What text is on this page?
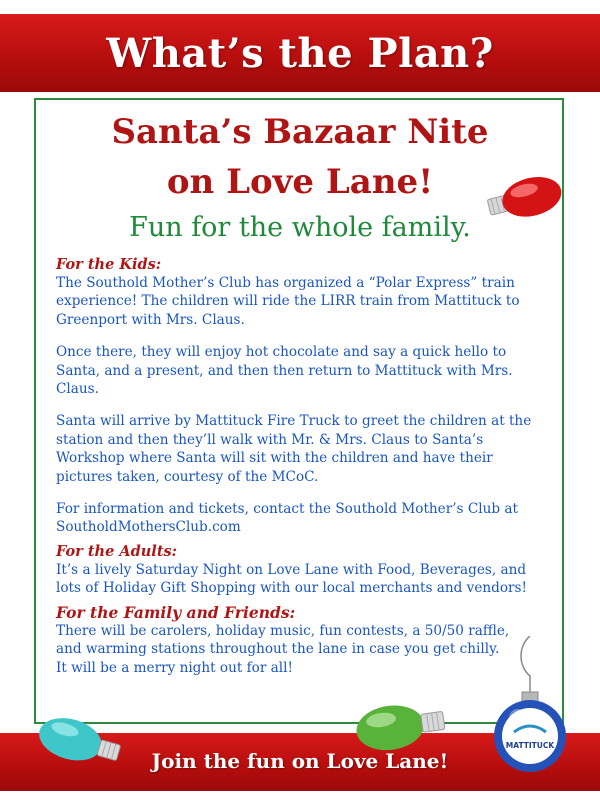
What’s the Plan?
Santa’s Bazaar Nite
on Love Lane!
Fun for the whole family.
For the Kids:

The Southold Mother’s Club has organized a “Polar Express” train experience! The children will ride the LIRR train from Mattituck to Greenport with Mrs. Claus.

Once there, they will enjoy hot chocolate and say a quick hello to Santa, and a present, and then then return to Mattituck with Mrs. Claus.

Santa will arrive by Mattituck Fire Truck to greet the children at the station and then they’ll walk with Mr. & Mrs. Claus to Santa’s Workshop where Santa will sit with the children and have their pictures taken, courtesy of the MCoC.

For information and tickets, contact the Southold Mother’s Club at SoutholdMothersClub.com

For the Adults:

It’s a lively Saturday Night on Love Lane with Food, Beverages, and lots of Holiday Gift Shopping with our local merchants and vendors!

For the Family and Friends:

There will be carolers, holiday music, fun contests, a 50/50 raffle, and warming stations throughout the lane in case you get chilly.

It will be a merry night out for all!

Join the fun on Love Lane!
MATTITUCK
